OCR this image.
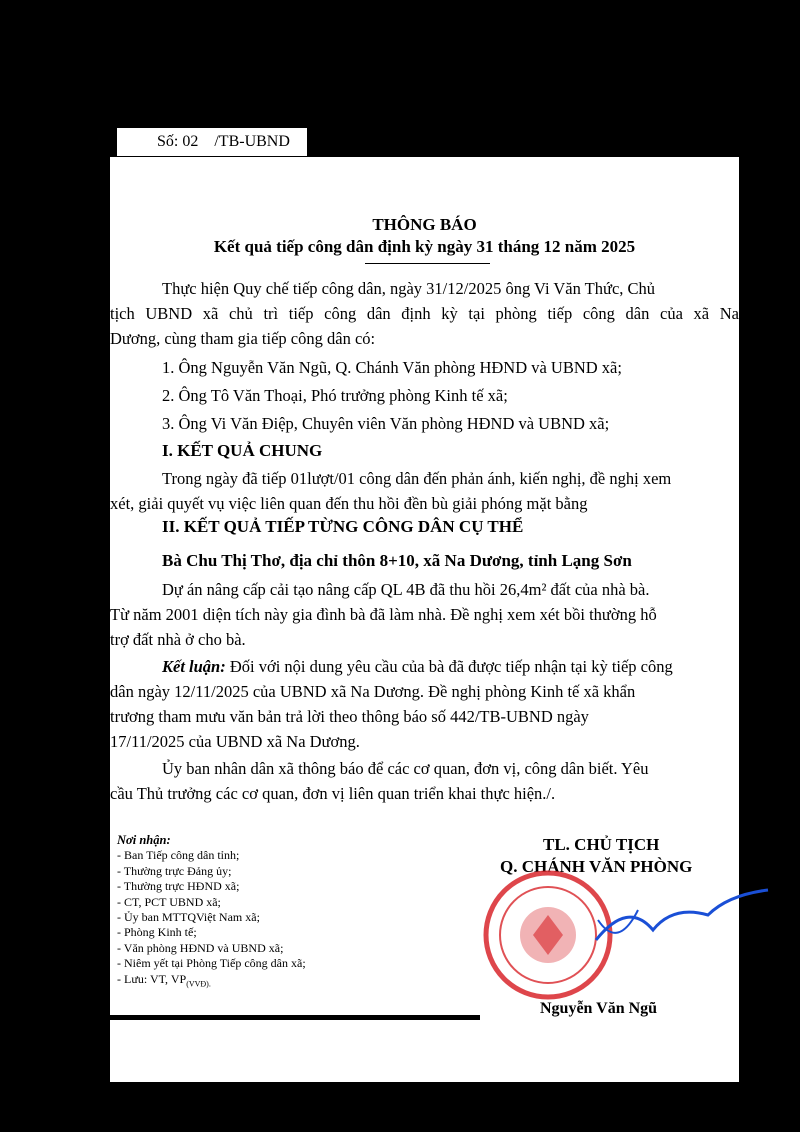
Số: 02    /TB-UBND
THÔNG BÁO
Kết quả tiếp công dân định kỳ ngày 31 tháng 12 năm 2025
Thực hiện Quy chế tiếp công dân, ngày 31/12/2025 ông Vi Văn Thức, Chủ
tịch UBND xã chủ trì tiếp công dân định kỳ tại phòng tiếp công dân của xã Na
Dương, cùng tham gia tiếp công dân có:
1. Ông Nguyễn Văn Ngũ, Q. Chánh Văn phòng HĐND và UBND xã;
2. Ông Tô Văn Thoại, Phó trưởng phòng Kinh tế xã;
3. Ông Vi Văn Điệp, Chuyên viên Văn phòng HĐND và UBND xã;
I. KẾT QUẢ CHUNG
Trong ngày đã tiếp 01lượt/01 công dân đến phản ánh, kiến nghị, đề nghị xem
xét, giải quyết vụ việc liên quan đến thu hồi đền bù giải phóng mặt bằng
II. KẾT QUẢ TIẾP TỪNG CÔNG DÂN CỤ THỂ
Bà Chu Thị Thơ, địa chỉ thôn 8+10, xã Na Dương, tỉnh Lạng Sơn
Dự án nâng cấp cải tạo nâng cấp QL 4B đã thu hồi 26,4m² đất của nhà bà.
Từ năm 2001 diện tích này gia đình bà đã làm nhà. Đề nghị xem xét bồi thường hỗ
trợ đất nhà ở cho bà.
Kết luận: Đối với nội dung yêu cầu của bà đã được tiếp nhận tại kỳ tiếp công
dân ngày 12/11/2025 của UBND xã Na Dương. Đề nghị phòng Kinh tế xã khẩn
trương tham mưu văn bản trả lời theo thông báo số 442/TB-UBND ngày
17/11/2025 của UBND xã Na Dương.
Ủy ban nhân dân xã thông báo để các cơ quan, đơn vị, công dân biết. Yêu
cầu Thủ trưởng các cơ quan, đơn vị liên quan triển khai thực hiện./.
Nơi nhận:
- Ban Tiếp công dân tỉnh;
- Thường trực Đảng ủy;
- Thường trực HĐND xã;
- CT, PCT UBND xã;
- Ủy ban MTTQViệt Nam xã;
- Phòng Kinh tế;
- Văn phòng HĐND và UBND xã;
- Niêm yết tại Phòng Tiếp công dân xã;
- Lưu: VT, $VP_{(VVĐ).}$
TL. CHỦ TỊCH
Q. CHÁNH VĂN PHÒNG
Nguyễn Văn Ngũ
